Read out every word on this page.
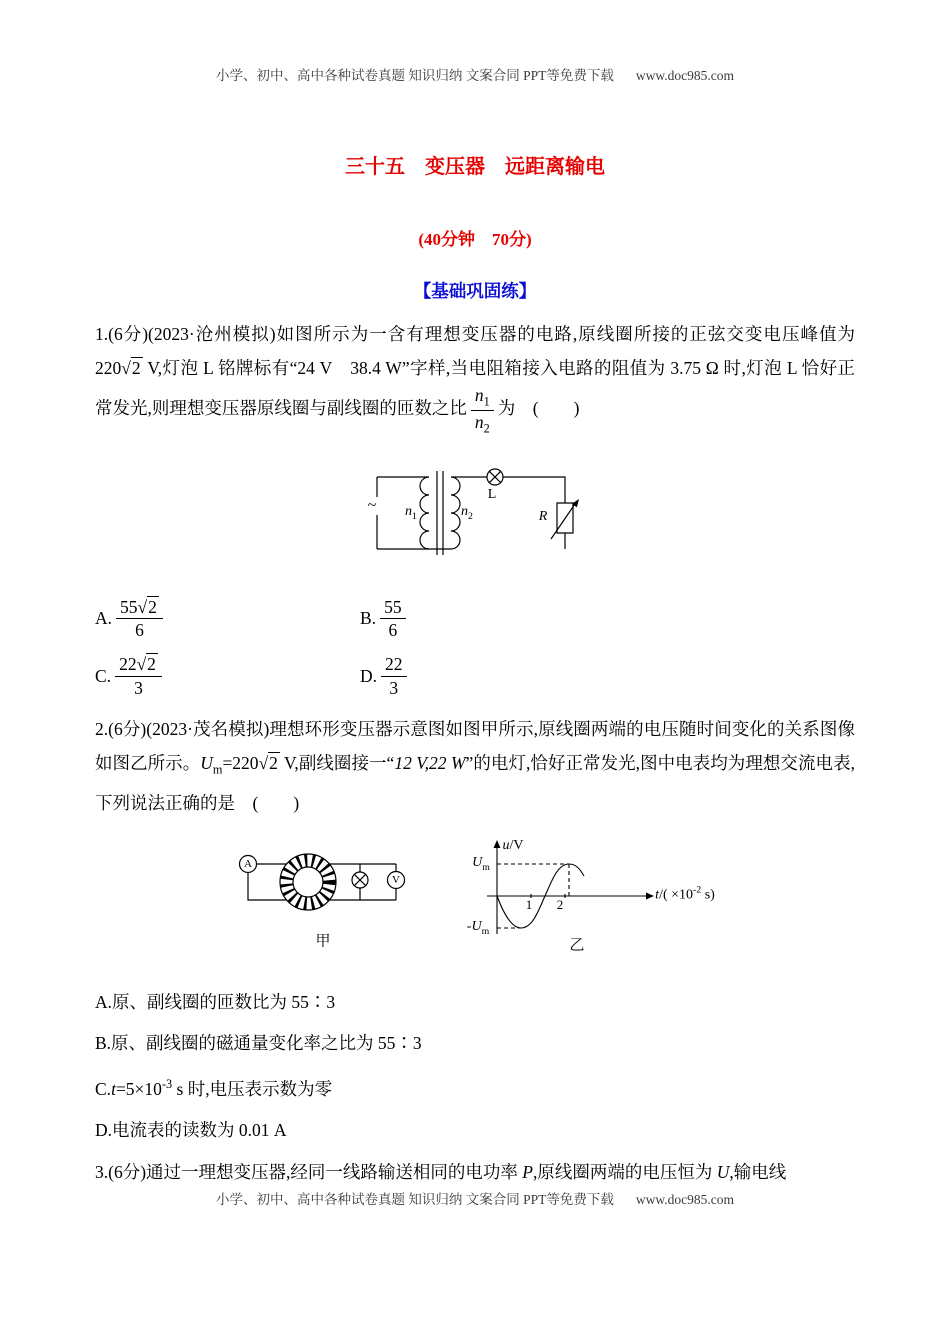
小学、初中、高中各种试卷真题 知识归纳 文案合同 PPT等免费下载 www.doc985.com
三十五　变压器　远距离输电
(40分钟　70分)
【基础巩固练】
1.(6分)(2023·沧州模拟)如图所示为一含有理想变压器的电路,原线圈所接的正弦交变电压峰值为 220√2 V,灯泡 L 铭牌标有“24 V　38.4 W”字样,当电阻箱接入电路的阻值为 3.75 Ω 时,灯泡 L 恰好正常发光,则理想变压器原线圈与副线圈的匝数之比 $\frac{n_1}{n_2}$ 为　(　　)
~ $n_1$	$n_2$
L
R
A. $\frac{55√2}{6}$	B. $\frac{55}{6}$
C. $\frac{22√2}{3}$	D. $\frac{22}{3}$
2.(6分)(2023·茂名模拟)理想环形变压器示意图如图甲所示,原线圈两端的电压随时间变化的关系图像如图乙所示。$U_m=220√2$ V,副线圈接一“12 V,22 W”的电灯,恰好正常发光,图中电表均为理想交流电表,下列说法正确的是　(　　)
A
V
甲
u/V
$t/( \times 10^{-2}$ s)
$U_m$
$-U_m$
1 2
乙
A.原、副线圈的匝数比为 55∶3
B.原、副线圈的磁通量变化率之比为 55∶3
$C.t=5\times 10^{-3}$ s 时,电压表示数为零
D.电流表的读数为 0.01 A
3.(6分)通过一理想变压器,经同一线路输送相同的电功率 P,原线圈两端的电压恒为 U,输电线
小学、初中、高中各种试卷真题 知识归纳 文案合同 PPT等免费下载 www.doc985.com
